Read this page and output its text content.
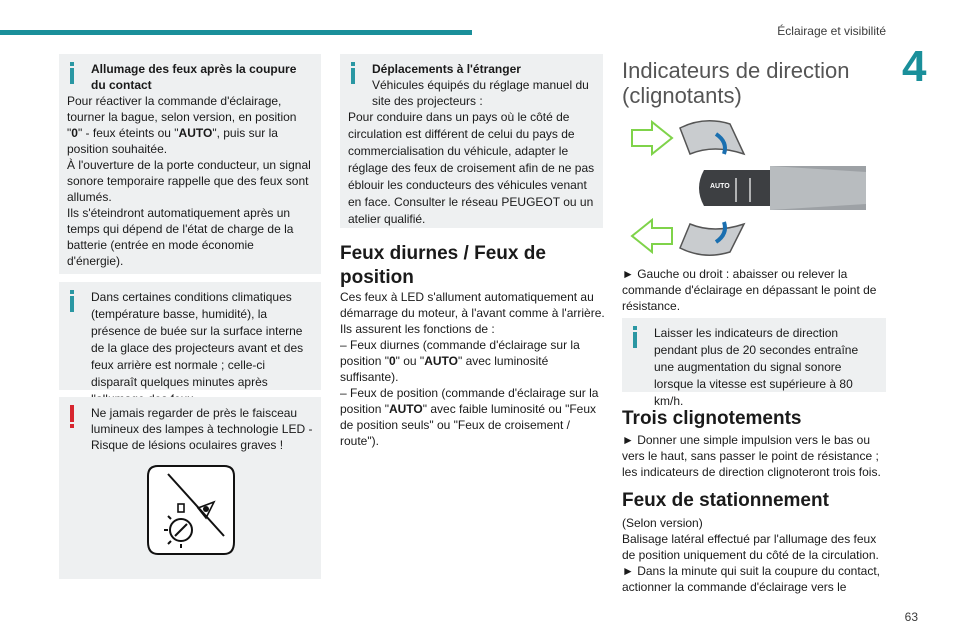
Éclairage et visibilité
4

Allumage des feux après la coupure du contact

Pour réactiver la commande d'éclairage, tourner la bague, selon version, en position "0" - feux éteints ou "AUTO", puis sur la position souhaitée.

À l'ouverture de la porte conducteur, un signal sonore temporaire rappelle que des feux sont allumés.

Ils s'éteindront automatiquement après un temps qui dépend de l'état de charge de la batterie (entrée en mode économie d'énergie).

Dans certaines conditions climatiques (température basse, humidité), la présence de buée sur la surface interne de la glace des projecteurs avant et des feux arrière est normale ; celle-ci disparaît quelques minutes après

Ne jamais regarder de près le faisceau lumineux des lampes à technologie LED - Risque de lésions oculaires graves !

Déplacements à l'étranger

Véhicules équipés du réglage manuel du site des projecteurs :

Pour conduire dans un pays où le côté de circulation est différent de celui du pays de commercialisation du véhicule, adapter le réglage des feux de croisement afin de ne pas éblouir les conducteurs des véhicules venant en face. Consulter le réseau PEUGEOT ou un atelier qualifié.

Feux diurnes / Feux de position

Ces feux à LED s'allument automatiquement au démarrage du moteur, à l'avant comme à l'arrière.

Ils assurent les fonctions de :

– Feux diurnes (commande d'éclairage sur la position "0" ou "AUTO" avec luminosité suffisante).

– Feux de position (commande d'éclairage sur la position "AUTO" avec faible luminosité ou "Feux de position seuls" ou "Feux de croisement / route").

Indicateurs de direction (clignotants)
AUTO
► Gauche ou droit : abaisser ou relever la commande d'éclairage en dépassant le point de résistance.

Laisser les indicateurs de direction pendant plus de 20 secondes entraîne une augmentation du signal sonore lorsque la vitesse est supérieure à 80 km/h.

Trois clignotements
► Donner une simple impulsion vers le bas ou vers le haut, sans passer le point de résistance ; les indicateurs de direction clignoteront trois fois.
Feux de stationnement

(Selon version)

Balisage latéral effectué par l'allumage des feux de position uniquement du côté de la circulation.

► Dans la minute qui suit la coupure du contact, actionner la commande d'éclairage vers le

63
